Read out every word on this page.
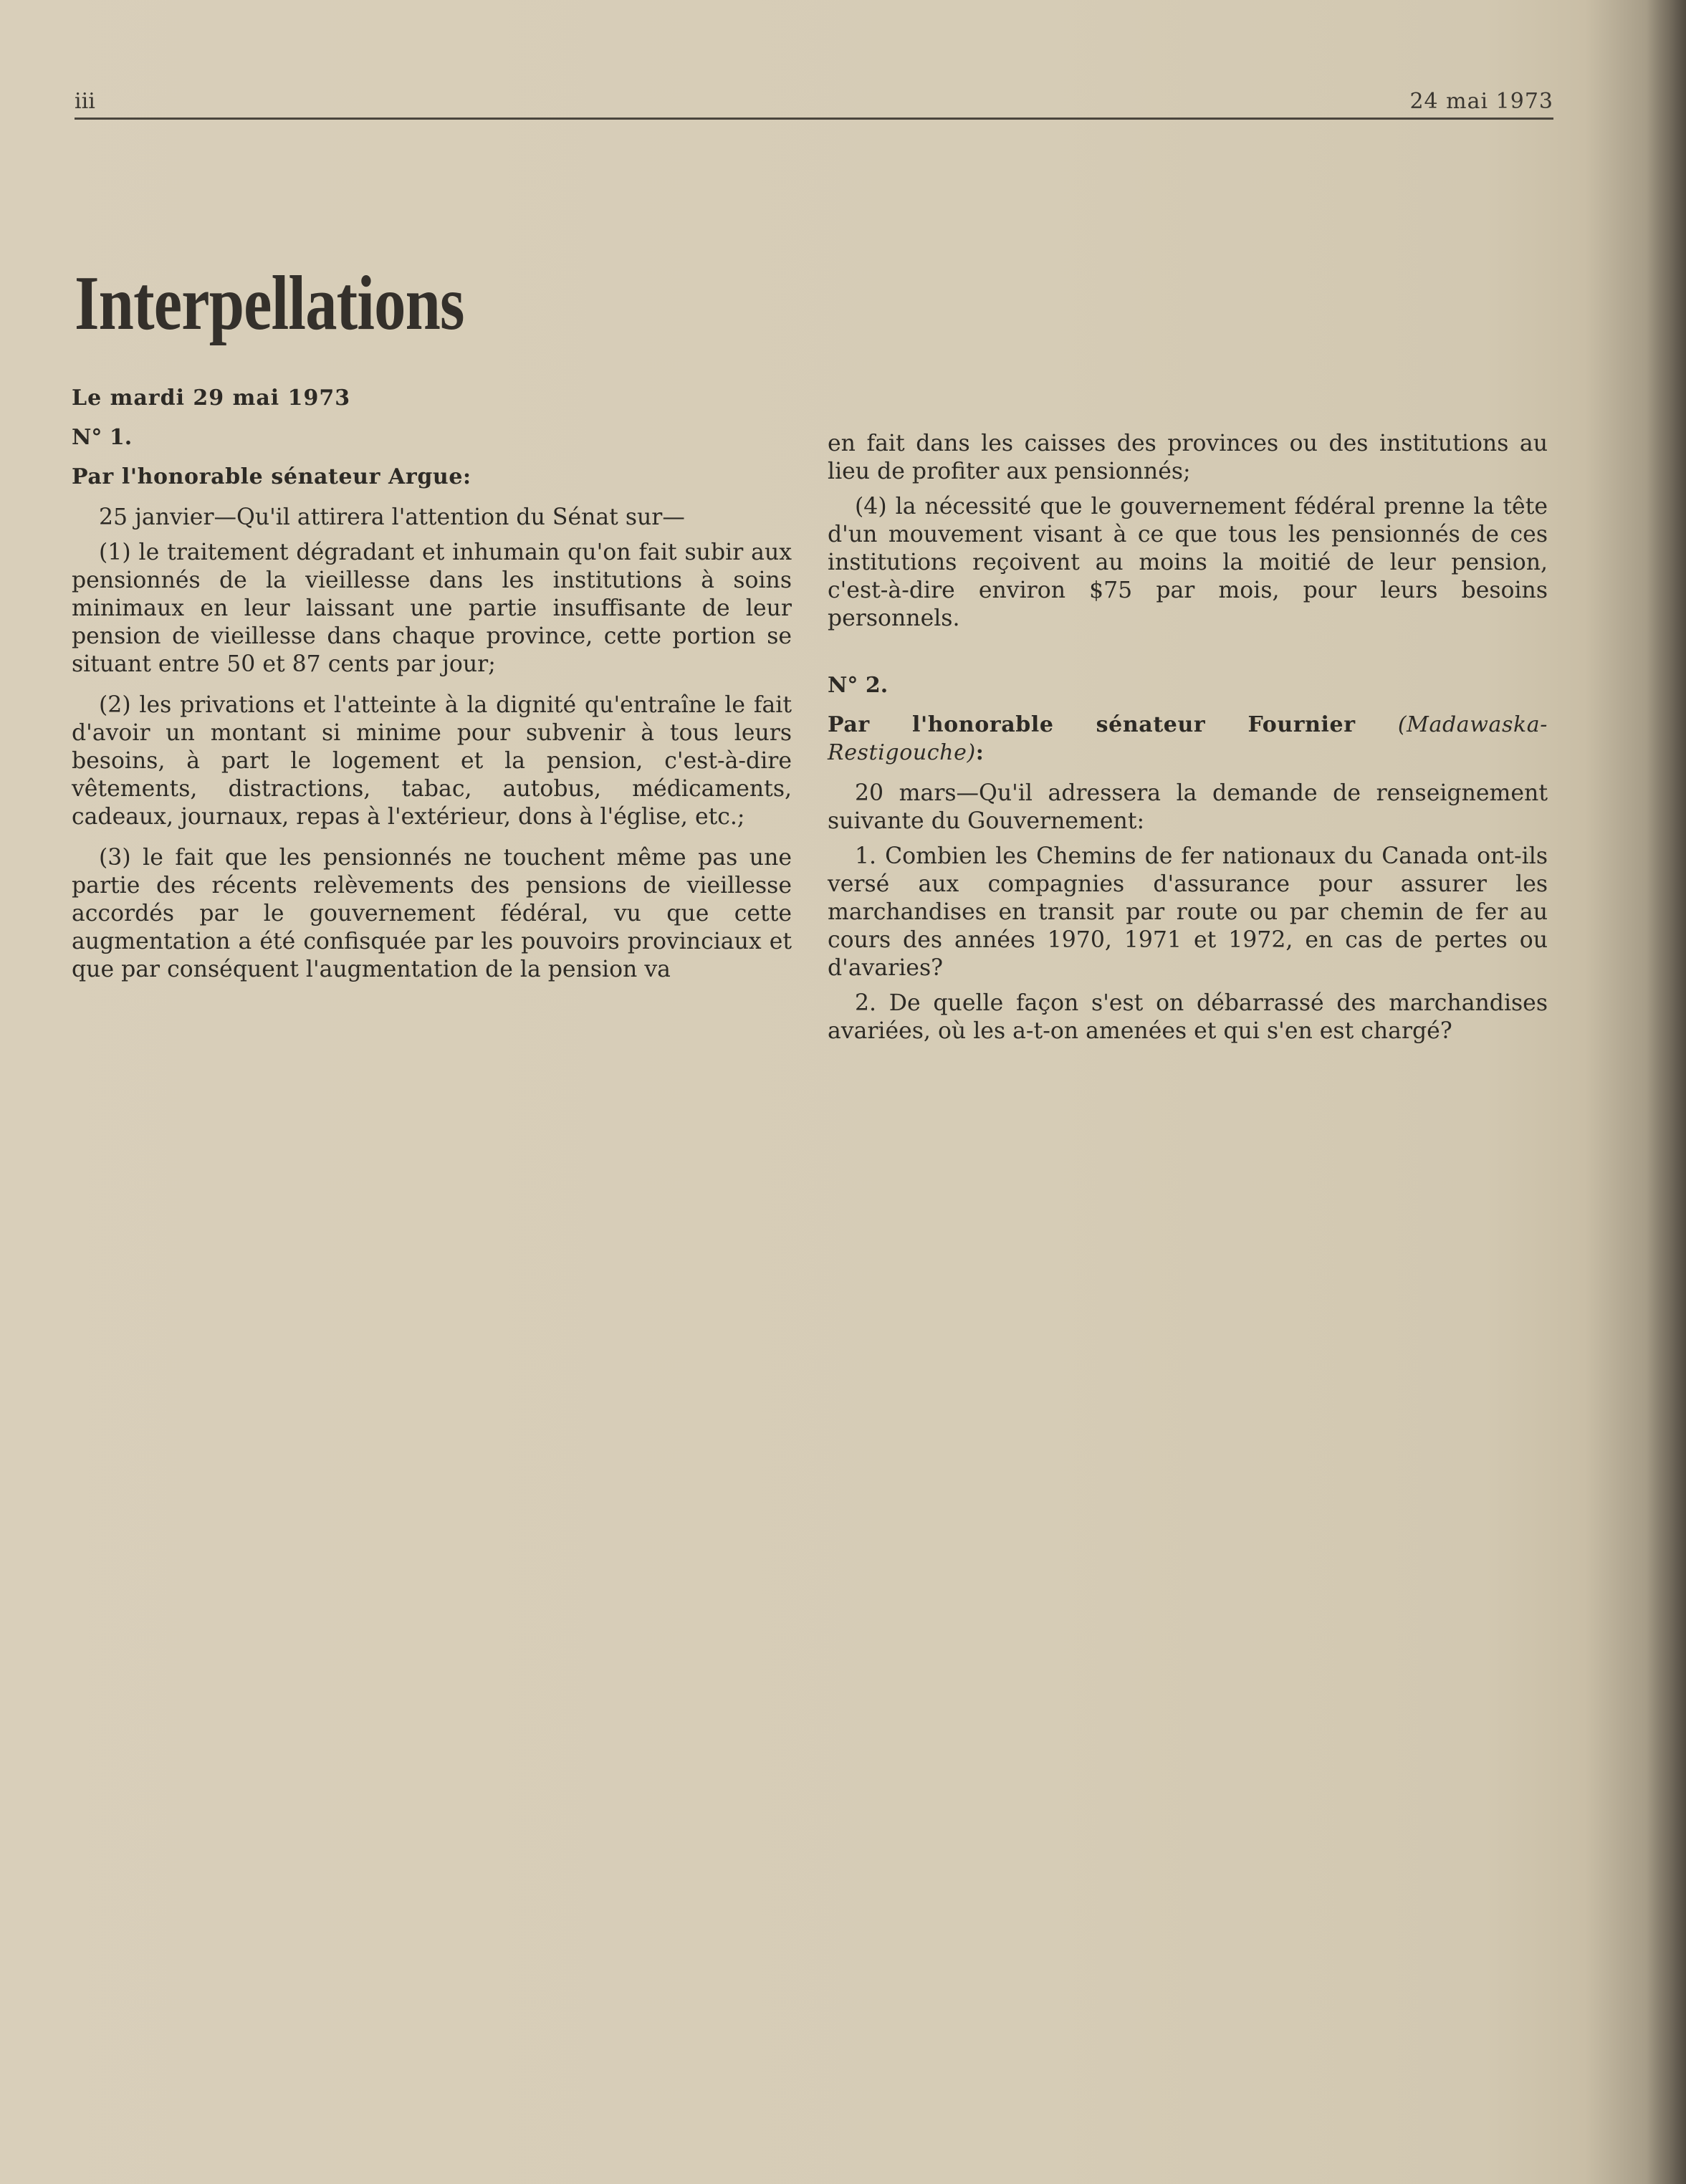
iii	24 mai 1973
Interpellations

Le mardi 29 mai 1973

N° 1.

Par l'honorable sénateur Argue:

25 janvier—Qu'il attirera l'attention du Sénat sur—

(1) le traitement dégradant et inhumain qu'on fait subir aux pensionnés de la vieillesse dans les institutions à soins minimaux en leur laissant une partie insuffisante de leur pension de vieillesse dans chaque province, cette portion se situant entre 50 et 87 cents par jour;

(2) les privations et l'atteinte à la dignité qu'entraîne le fait d'avoir un montant si minime pour subvenir à tous leurs besoins, à part le logement et la pension, c'est-à-dire vêtements, distractions, tabac, autobus, médicaments, cadeaux, journaux, repas à l'extérieur, dons à l'église, etc.;

(3) le fait que les pensionnés ne touchent même pas une partie des récents relèvements des pensions de vieillesse accordés par le gouvernement fédéral, vu que cette augmentation a été confisquée par les pouvoirs provinciaux et que par conséquent l'augmentation de la pension va

en fait dans les caisses des provinces ou des institutions au lieu de profiter aux pensionnés;

(4) la nécessité que le gouvernement fédéral prenne la tête d'un mouvement visant à ce que tous les pensionnés de ces institutions reçoivent au moins la moitié de leur pension, c'est-à-dire environ $75 par mois, pour leurs besoins personnels.

N° 2.

Par l'honorable sénateur Fournier (Madawaska-Restigouche):

20 mars—Qu'il adressera la demande de renseignement suivante du Gouvernement:

1. Combien les Chemins de fer nationaux du Canada ont-ils versé aux compagnies d'assurance pour assurer les marchandises en transit par route ou par chemin de fer au cours des années 1970, 1971 et 1972, en cas de pertes ou d'avaries?

2. De quelle façon s'est on débarrassé des marchandises avariées, où les a-t-on amenées et qui s'en est chargé?
